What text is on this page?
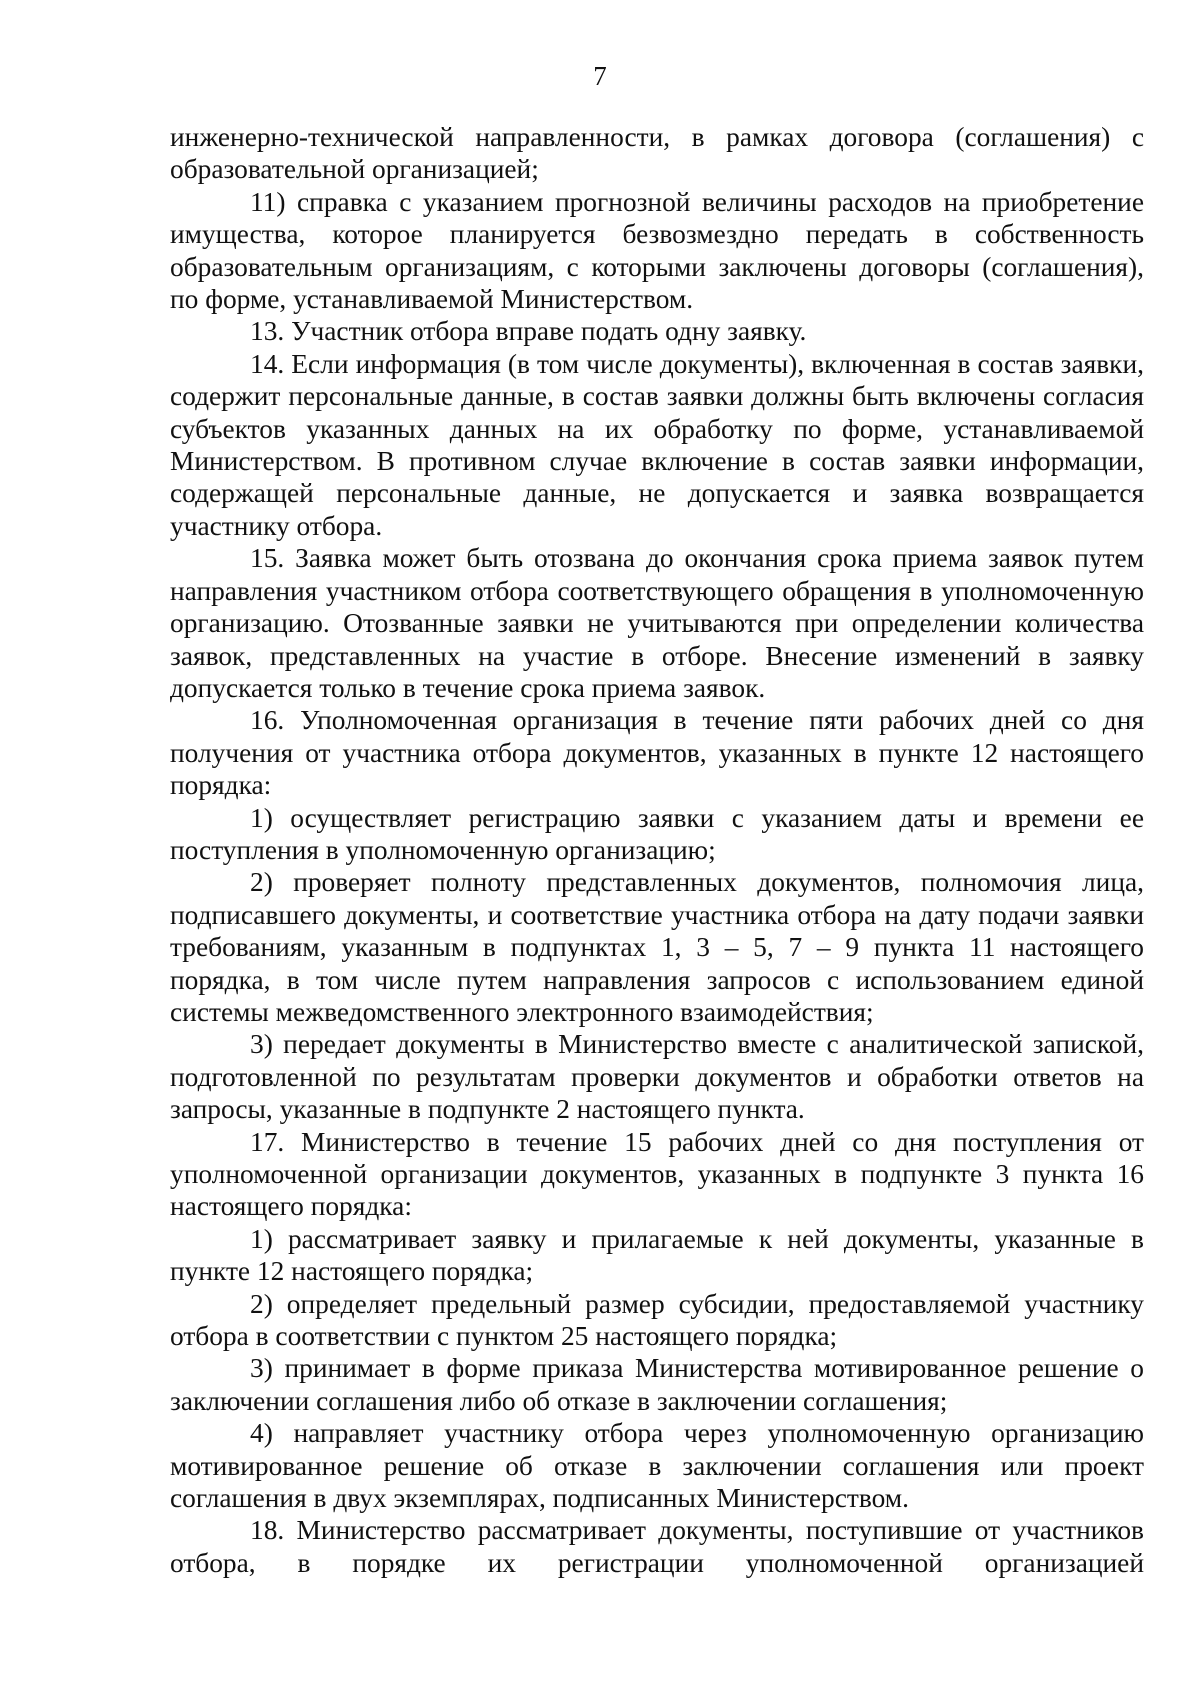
7

инженерно-технической направленности, в рамках договора (соглашения) с образовательной организацией;

11) справка с указанием прогнозной величины расходов на приобретение имущества, которое планируется безвозмездно передать в собственность образовательным организациям, с которыми заключены договоры (соглашения), по форме, устанавливаемой Министерством.

13. Участник отбора вправе подать одну заявку.

14. Если информация (в том числе документы), включенная в состав заявки, содержит персональные данные, в состав заявки должны быть включены согласия субъектов указанных данных на их обработку по форме, устанавливаемой Министерством. В противном случае включение в состав заявки информации, содержащей персональные данные, не допускается и заявка возвращается участнику отбора.

15. Заявка может быть отозвана до окончания срока приема заявок путем направления участником отбора соответствующего обращения в уполномоченную организацию. Отозванные заявки не учитываются при определении количества заявок, представленных на участие в отборе. Внесение изменений в заявку допускается только в течение срока приема заявок.

16. Уполномоченная организация в течение пяти рабочих дней со дня получения от участника отбора документов, указанных в пункте 12 настоящего порядка:

1) осуществляет регистрацию заявки с указанием даты и времени ее поступления в уполномоченную организацию;

2) проверяет полноту представленных документов, полномочия лица, подписавшего документы, и соответствие участника отбора на дату подачи заявки требованиям, указанным в подпунктах 1, 3 – 5, 7 – 9 пункта 11 настоящего порядка, в том числе путем направления запросов с использованием единой системы межведомственного электронного взаимодействия;

3) передает документы в Министерство вместе с аналитической запиской, подготовленной по результатам проверки документов и обработки ответов на запросы, указанные в подпункте 2 настоящего пункта.

17. Министерство в течение 15 рабочих дней со дня поступления от уполномоченной организации документов, указанных в подпункте 3 пункта 16 настоящего порядка:

1) рассматривает заявку и прилагаемые к ней документы, указанные в пункте 12 настоящего порядка;

2) определяет предельный размер субсидии, предоставляемой участнику отбора в соответствии с пунктом 25 настоящего порядка;

3) принимает в форме приказа Министерства мотивированное решение о заключении соглашения либо об отказе в заключении соглашения;

4) направляет участнику отбора через уполномоченную организацию мотивированное решение об отказе в заключении соглашения или проект соглашения в двух экземплярах, подписанных Министерством.

18. Министерство рассматривает документы, поступившие от участников отбора, в порядке их регистрации уполномоченной организацией
